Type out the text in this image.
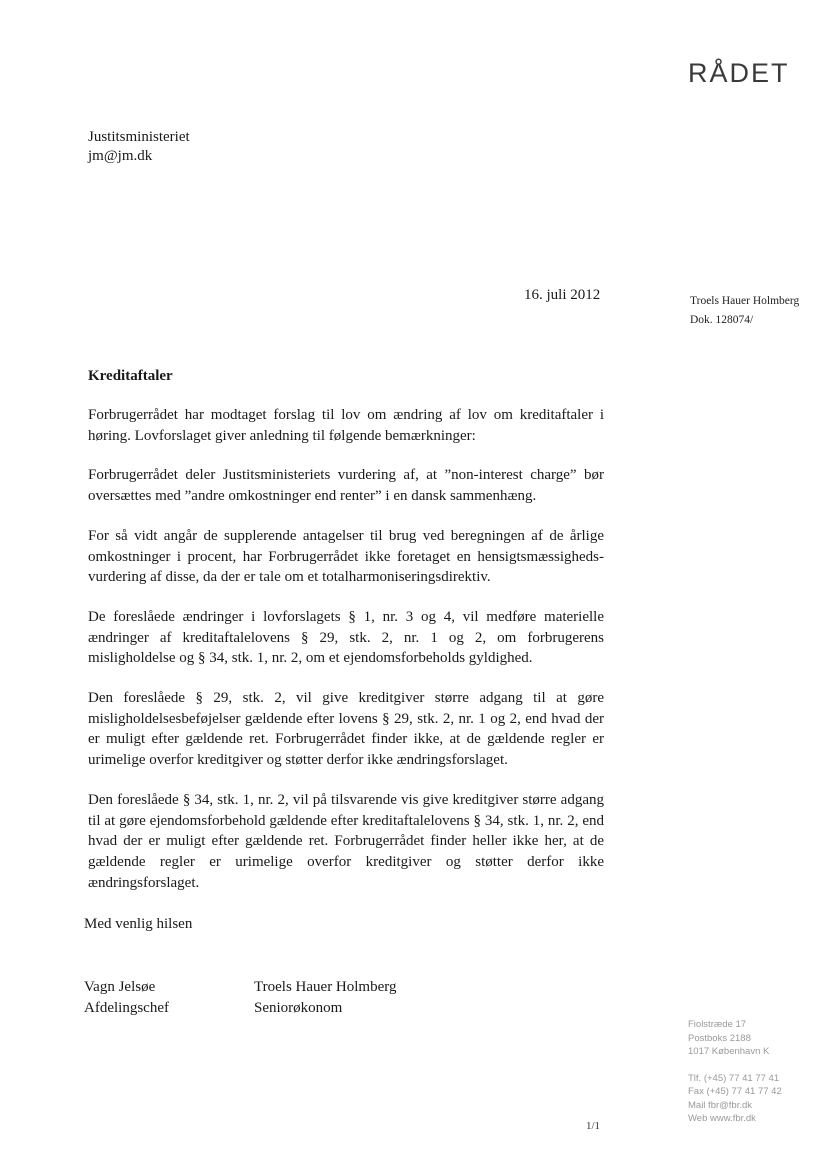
RÅDET
Justitsministeriet
jm@jm.dk
16. juli 2012	Troels Hauer Holmberg
Dok. 128074/
Kreditaftaler

Forbrugerrådet har modtaget forslag til lov om ændring af lov om kreditaftaler i høring. Lovforslaget giver anledning til følgende bemærkninger:

Forbrugerrådet deler Justitsministeriets vurdering af, at ”non-interest charge” bør oversættes med ”andre omkostninger end renter” i en dansk sammenhæng.

For så vidt angår de supplerende antagelser til brug ved beregningen af de årlige omkostninger i procent, har Forbrugerrådet ikke foretaget en hensigtsmæssigheds-vurdering af disse, da der er tale om et totalharmoniseringsdirektiv.

De foreslåede ændringer i lovforslagets § 1, nr. 3 og 4, vil medføre materielle ændringer af kreditaftalelovens § 29, stk. 2, nr. 1 og 2, om forbrugerens misligholdelse og § 34, stk. 1, nr. 2, om et ejendomsforbeholds gyldighed.

Den foreslåede § 29, stk. 2, vil give kreditgiver større adgang til at gøre misligholdelsesbeføjelser gældende efter lovens § 29, stk. 2, nr. 1 og 2, end hvad der er muligt efter gældende ret. Forbrugerrådet finder ikke, at de gældende regler er urimelige overfor kreditgiver og støtter derfor ikke ændringsforslaget.

Den foreslåede § 34, stk. 1, nr. 2, vil på tilsvarende vis give kreditgiver større adgang til at gøre ejendomsforbehold gældende efter kreditaftalelovens § 34, stk. 1, nr. 2, end hvad der er muligt efter gældende ret. Forbrugerrådet finder heller ikke her, at de gældende regler er urimelige overfor kreditgiver og støtter derfor ikke ændringsforslaget.

Med venlig hilsen
Vagn Jelsøe
Afdelingschef
Troels Hauer Holmberg
Seniorøkonom
Fiolstræde 17
Postboks 2188
1017 København K
Tlf. (+45) 77 41 77 41
Fax (+45) 77 41 77 42
Mail fbr@fbr.dk
Web www.fbr.dk
1/1
